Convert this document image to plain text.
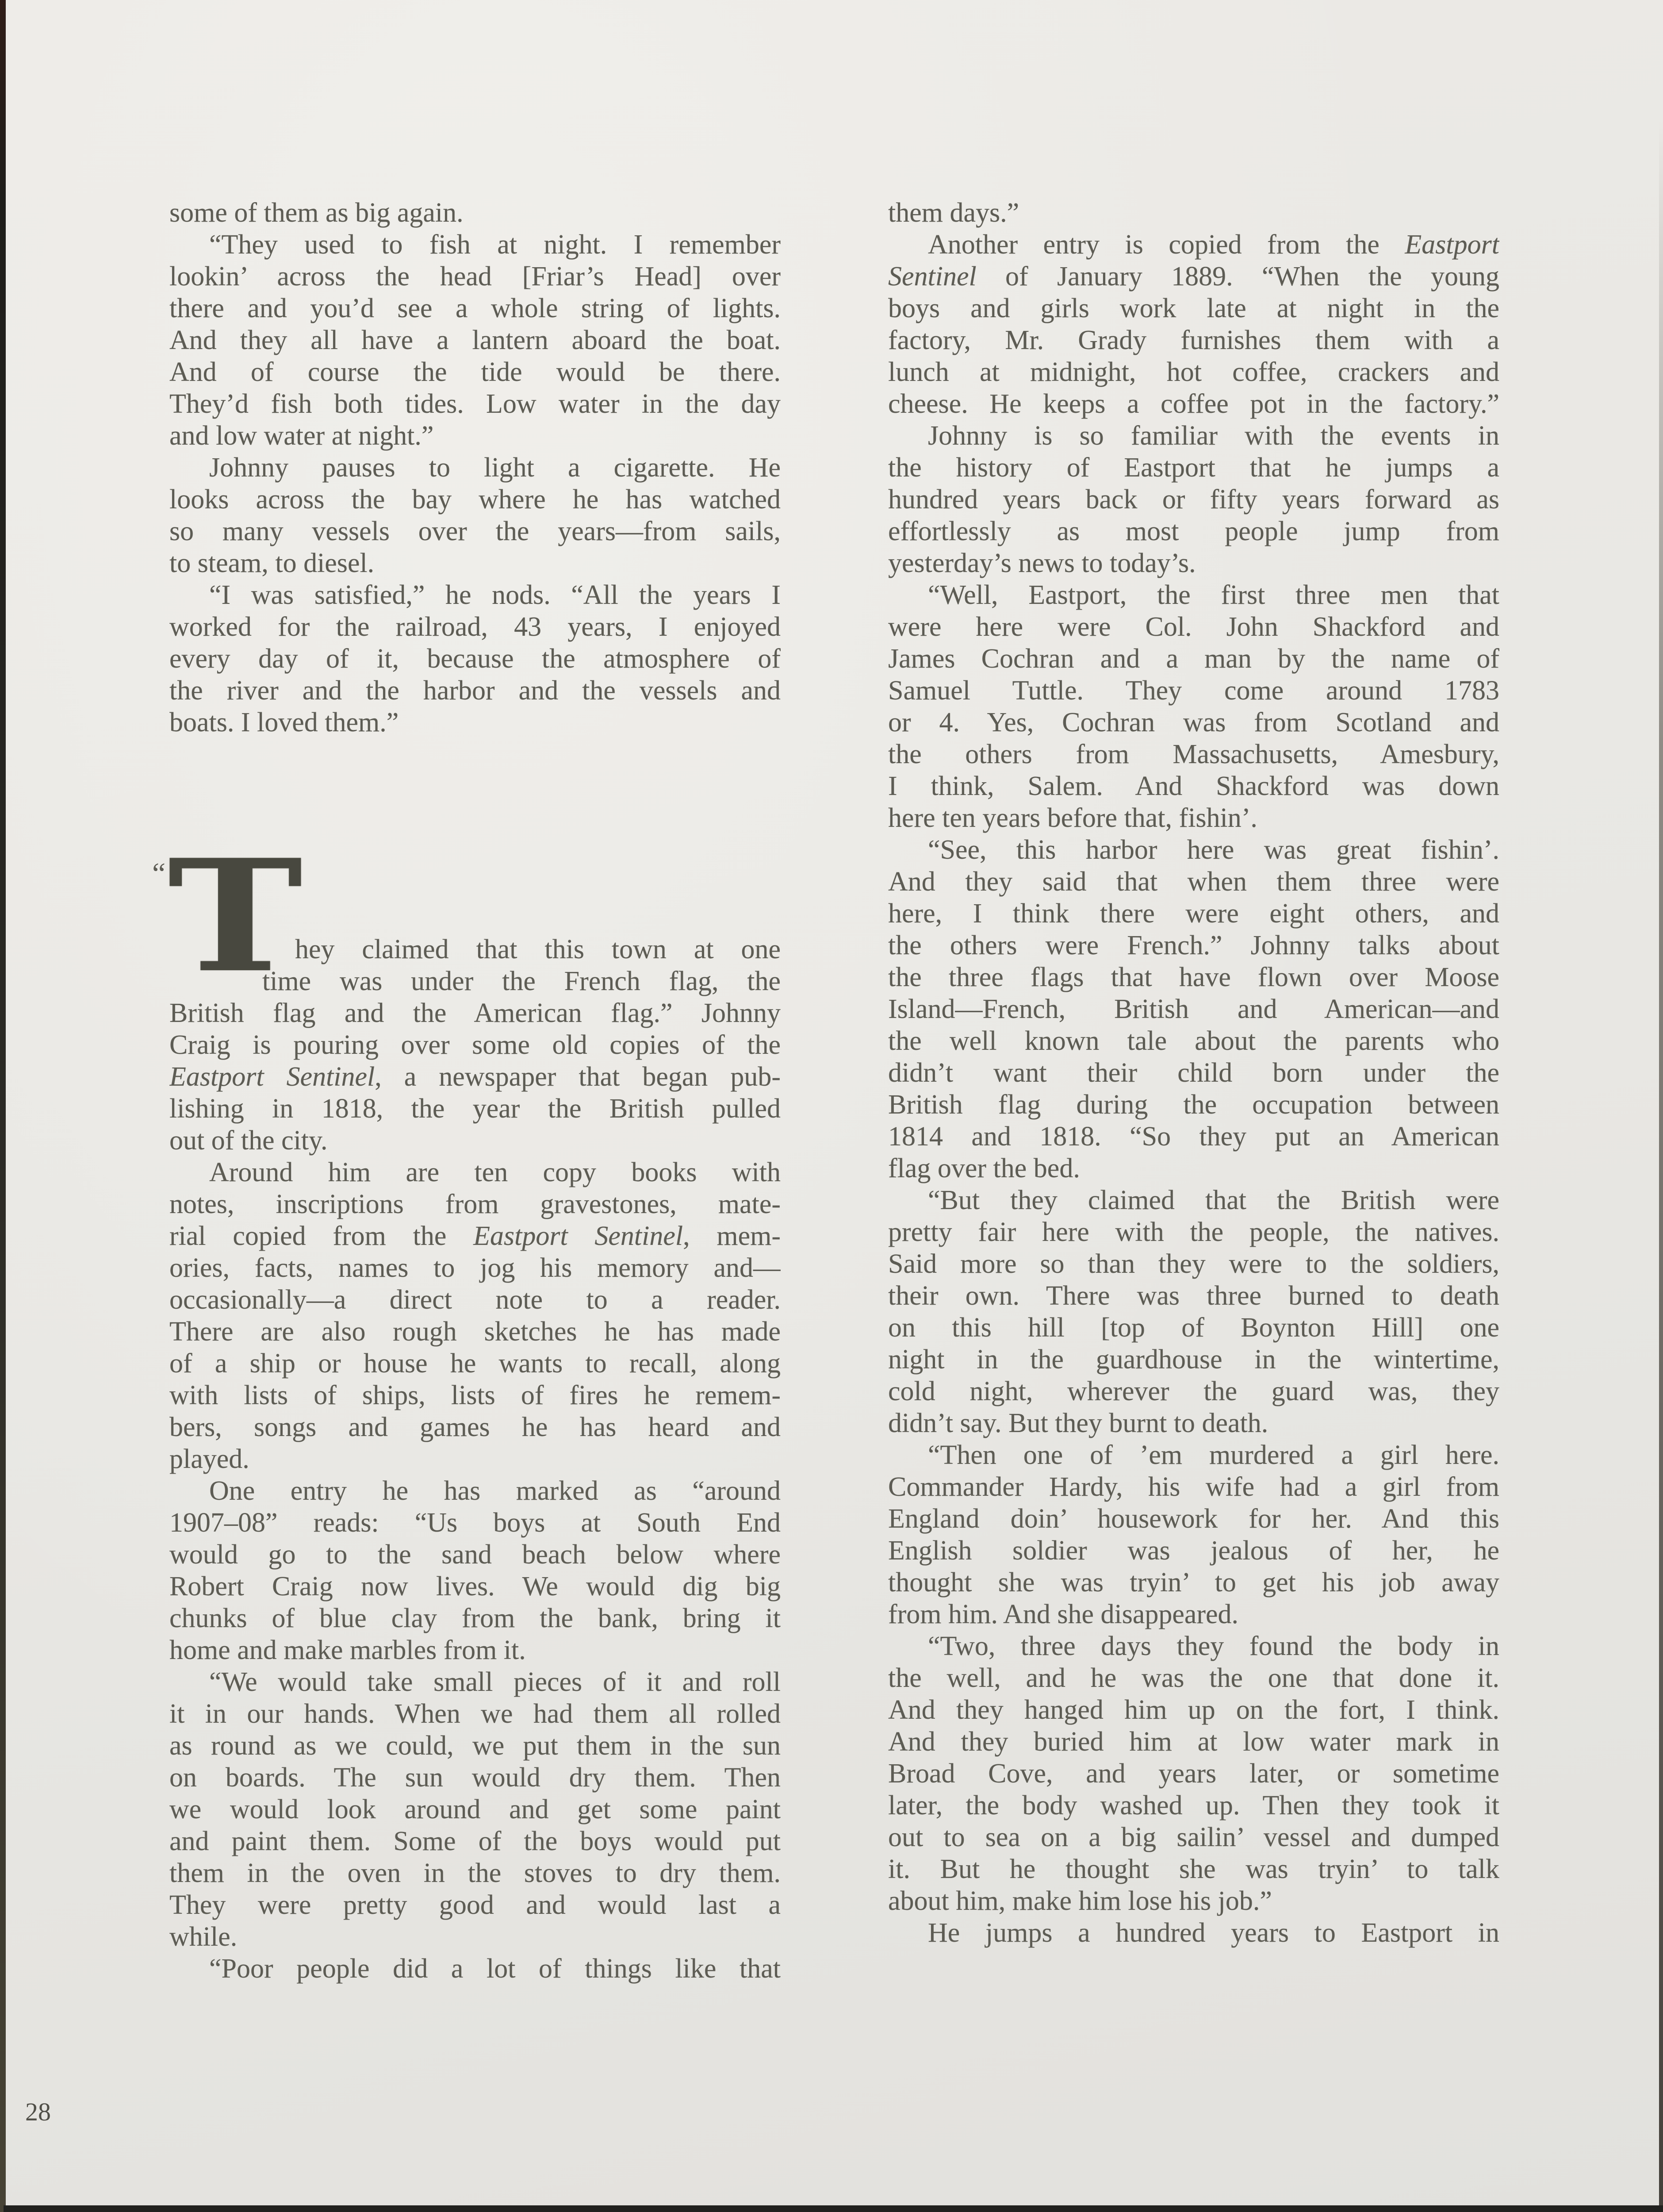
some of them as big again.
“They used to fish at night. I remember
lookin’ across the head [Friar’s Head] over
there and you’d see a whole string of lights.
And they all have a lantern aboard the boat.
And of course the tide would be there.
They’d fish both tides. Low water in the day
and low water at night.”
Johnny pauses to light a cigarette. He
looks across the bay where he has watched
so many vessels over the years—from sails,
to steam, to diesel.
“I was satisfied,” he nods. “All the years I
worked for the railroad, 43 years, I enjoyed
every day of it, because the atmosphere of
the river and the harbor and the vessels and
boats. I loved them.”
hey claimed that this town at one
time was under the French flag, the
British flag and the American flag.” Johnny
Craig is pouring over some old copies of the
Eastport Sentinel, a newspaper that began pub-
lishing in 1818, the year the British pulled
out of the city.
Around him are ten copy books with
notes, inscriptions from gravestones, mate-
rial copied from the Eastport Sentinel, mem-
ories, facts, names to jog his memory and—
occasionally—a direct note to a reader.
There are also rough sketches he has made
of a ship or house he wants to recall, along
with lists of ships, lists of fires he remem-
bers, songs and games he has heard and
played.
One entry he has marked as “around
1907–08” reads: “Us boys at South End
would go to the sand beach below where
Robert Craig now lives. We would dig big
chunks of blue clay from the bank, bring it
home and make marbles from it.
“We would take small pieces of it and roll
it in our hands. When we had them all rolled
as round as we could, we put them in the sun
on boards. The sun would dry them. Then
we would look around and get some paint
and paint them. Some of the boys would put
them in the oven in the stoves to dry them.
They were pretty good and would last a
while.
“Poor people did a lot of things like that
them days.”
Another entry is copied from the Eastport
Sentinel of January 1889. “When the young
boys and girls work late at night in the
factory, Mr. Grady furnishes them with a
lunch at midnight, hot coffee, crackers and
cheese. He keeps a coffee pot in the factory.”
Johnny is so familiar with the events in
the history of Eastport that he jumps a
hundred years back or fifty years forward as
effortlessly as most people jump from
yesterday’s news to today’s.
“Well, Eastport, the first three men that
were here were Col. John Shackford and
James Cochran and a man by the name of
Samuel Tuttle. They come around 1783
or 4. Yes, Cochran was from Scotland and
the others from Massachusetts, Amesbury,
I think, Salem. And Shackford was down
here ten years before that, fishin’.
“See, this harbor here was great fishin’.
And they said that when them three were
here, I think there were eight others, and
the others were French.” Johnny talks about
the three flags that have flown over Moose
Island—French, British and American—and
the well known tale about the parents who
didn’t want their child born under the
British flag during the occupation between
1814 and 1818. “So they put an American
flag over the bed.
“But they claimed that the British were
pretty fair here with the people, the natives.
Said more so than they were to the soldiers,
their own. There was three burned to death
on this hill [top of Boynton Hill] one
night in the guardhouse in the wintertime,
cold night, wherever the guard was, they
didn’t say. But they burnt to death.
“Then one of ’em murdered a girl here.
Commander Hardy, his wife had a girl from
England doin’ housework for her. And this
English soldier was jealous of her, he
thought she was tryin’ to get his job away
from him. And she disappeared.
“Two, three days they found the body in
the well, and he was the one that done it.
And they hanged him up on the fort, I think.
And they buried him at low water mark in
Broad Cove, and years later, or sometime
later, the body washed up. Then they took it
out to sea on a big sailin’ vessel and dumped
it. But he thought she was tryin’ to talk
about him, make him lose his job.”
He jumps a hundred years to Eastport in
“ T
28
